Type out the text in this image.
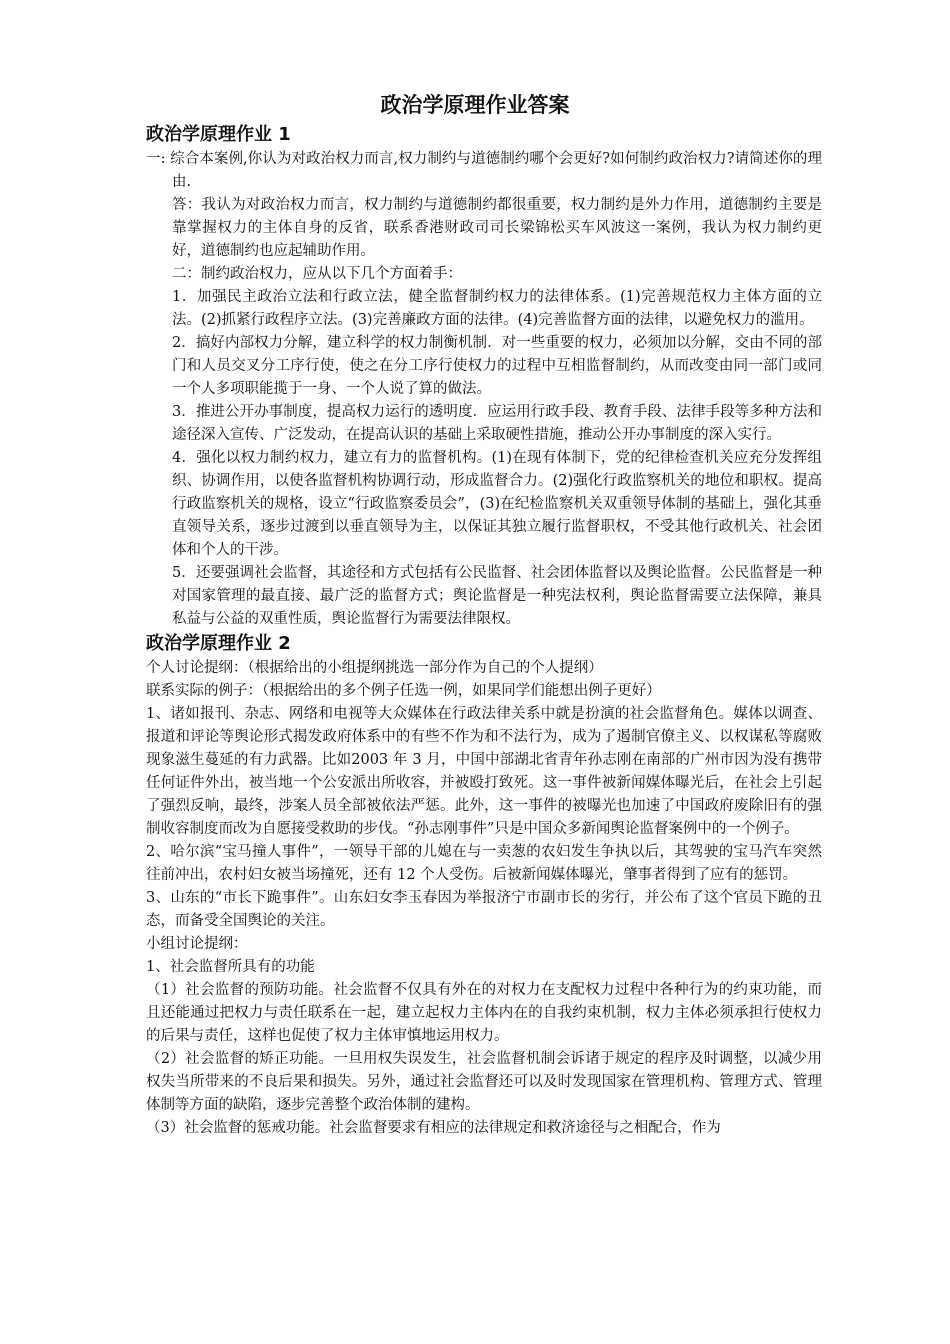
政治学原理作业答案
政治学原理作业 1
一: 综合本案例,你认为对政治权力而言,权力制约与道德制约哪个会更好?如何制约政治权力?请简述你的理由.
答：我认为对政治权力而言，权力制约与道德制约都很重要，权力制约是外力作用，道德制约主要是靠掌握权力的主体自身的反省，联系香港财政司司长梁锦松买车风波这一案例，我认为权力制约更好，道德制约也应起辅助作用。
二：制约政治权力，应从以下几个方面着手：
1．加强民主政治立法和行政立法，健全监督制约权力的法律体系。(1)完善规范权力主体方面的立法。(2)抓紧行政程序立法。(3)完善廉政方面的法律。(4)完善监督方面的法律，以避免权力的滥用。
2．搞好内部权力分解，建立科学的权力制衡机制．对一些重要的权力，必须加以分解，交由不同的部门和人员交叉分工序行使，使之在分工序行使权力的过程中互相监督制约，从而改变由同一部门或同一个人多项职能揽于一身、一个人说了算的做法。
3．推进公开办事制度，提高权力运行的透明度．应运用行政手段、教育手段、法律手段等多种方法和途径深入宣传、广泛发动，在提高认识的基础上采取硬性措施，推动公开办事制度的深入实行。
4．强化以权力制约权力，建立有力的监督机构。(1)在现有体制下，党的纪律检查机关应充分发挥组织、协调作用，以使各监督机构协调行动，形成监督合力。(2)强化行政监察机关的地位和职权。提高行政监察机关的规格，设立“行政监察委员会”，(3)在纪检监察机关双重领导体制的基础上，强化其垂直领导关系，逐步过渡到以垂直领导为主，以保证其独立履行监督职权，不受其他行政机关、社会团体和个人的干涉。
5．还要强调社会监督，其途径和方式包括有公民监督、社会团体监督以及舆论监督。公民监督是一种对国家管理的最直接、最广泛的监督方式；舆论监督是一种宪法权利，舆论监督需要立法保障，兼具私益与公益的双重性质，舆论监督行为需要法律限权。
政治学原理作业 2
个人讨论提纲：（根据给出的小组提纲挑选一部分作为自己的个人提纲）
联系实际的例子：（根据给出的多个例子任选一例，如果同学们能想出例子更好）
1、诸如报刊、杂志、网络和电视等大众媒体在行政法律关系中就是扮演的社会监督角色。媒体以调查、报道和评论等舆论形式揭发政府体系中的有些不作为和不法行为，成为了遏制官僚主义、以权谋私等腐败现象滋生蔓延的有力武器。比如2003 年 3 月，中国中部湖北省青年孙志刚在南部的广州市因为没有携带任何证件外出，被当地一个公安派出所收容，并被殴打致死。这一事件被新闻媒体曝光后，在社会上引起了强烈反响，最终，涉案人员全部被依法严惩。此外，这一事件的被曝光也加速了中国政府废除旧有的强制收容制度而改为自愿接受救助的步伐。“孙志刚事件”只是中国众多新闻舆论监督案例中的一个例子。
2、哈尔滨“宝马撞人事件”，一领导干部的儿媳在与一卖葱的农妇发生争执以后，其驾驶的宝马汽车突然往前冲出，农村妇女被当场撞死，还有 12 个人受伤。后被新闻媒体曝光，肇事者得到了应有的惩罚。
3、山东的“市长下跪事件”。山东妇女李玉春因为举报济宁市副市长的劣行，并公布了这个官员下跪的丑态，而备受全国舆论的关注。
小组讨论提纲：
1、社会监督所具有的功能
（1）社会监督的预防功能。社会监督不仅具有外在的对权力在支配权力过程中各种行为的约束功能，而且还能通过把权力与责任联系在一起，建立起权力主体内在的自我约束机制，权力主体必须承担行使权力的后果与责任，这样也促使了权力主体审慎地运用权力。
（2）社会监督的矫正功能。一旦用权失误发生，社会监督机制会诉诸于规定的程序及时调整，以减少用权失当所带来的不良后果和损失。另外，通过社会监督还可以及时发现国家在管理机构、管理方式、管理体制等方面的缺陷，逐步完善整个政治体制的建构。
（3）社会监督的惩戒功能。社会监督要求有相应的法律规定和救济途径与之相配合，作为
